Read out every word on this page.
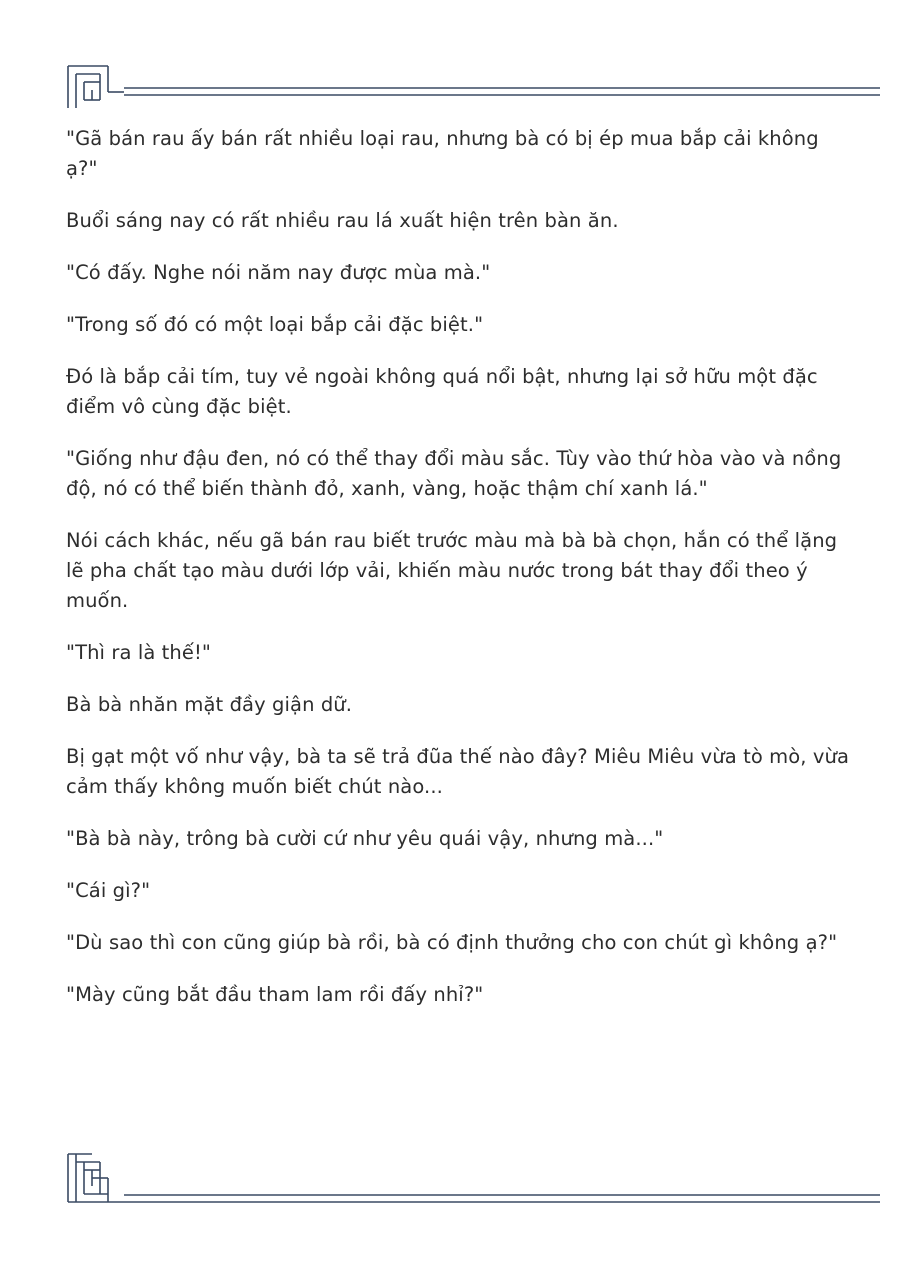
"Gã bán rau ấy bán rất nhiều loại rau, nhưng bà có bị ép mua bắp cải không ạ?"

Buổi sáng nay có rất nhiều rau lá xuất hiện trên bàn ăn.

"Có đấy. Nghe nói năm nay được mùa mà."

"Trong số đó có một loại bắp cải đặc biệt."

Đó là bắp cải tím, tuy vẻ ngoài không quá nổi bật, nhưng lại sở hữu một đặc điểm vô cùng đặc biệt.

"Giống như đậu đen, nó có thể thay đổi màu sắc. Tùy vào thứ hòa vào và nồng độ, nó có thể biến thành đỏ, xanh, vàng, hoặc thậm chí xanh lá."

Nói cách khác, nếu gã bán rau biết trước màu mà bà bà chọn, hắn có thể lặng lẽ pha chất tạo màu dưới lớp vải, khiến màu nước trong bát thay đổi theo ý muốn.

"Thì ra là thế!"

Bà bà nhăn mặt đầy giận dữ.

Bị gạt một vố như vậy, bà ta sẽ trả đũa thế nào đây? Miêu Miêu vừa tò mò, vừa cảm thấy không muốn biết chút nào...

"Bà bà này, trông bà cười cứ như yêu quái vậy, nhưng mà..."

"Cái gì?"

"Dù sao thì con cũng giúp bà rồi, bà có định thưởng cho con chút gì không ạ?"

"Mày cũng bắt đầu tham lam rồi đấy nhỉ?"
